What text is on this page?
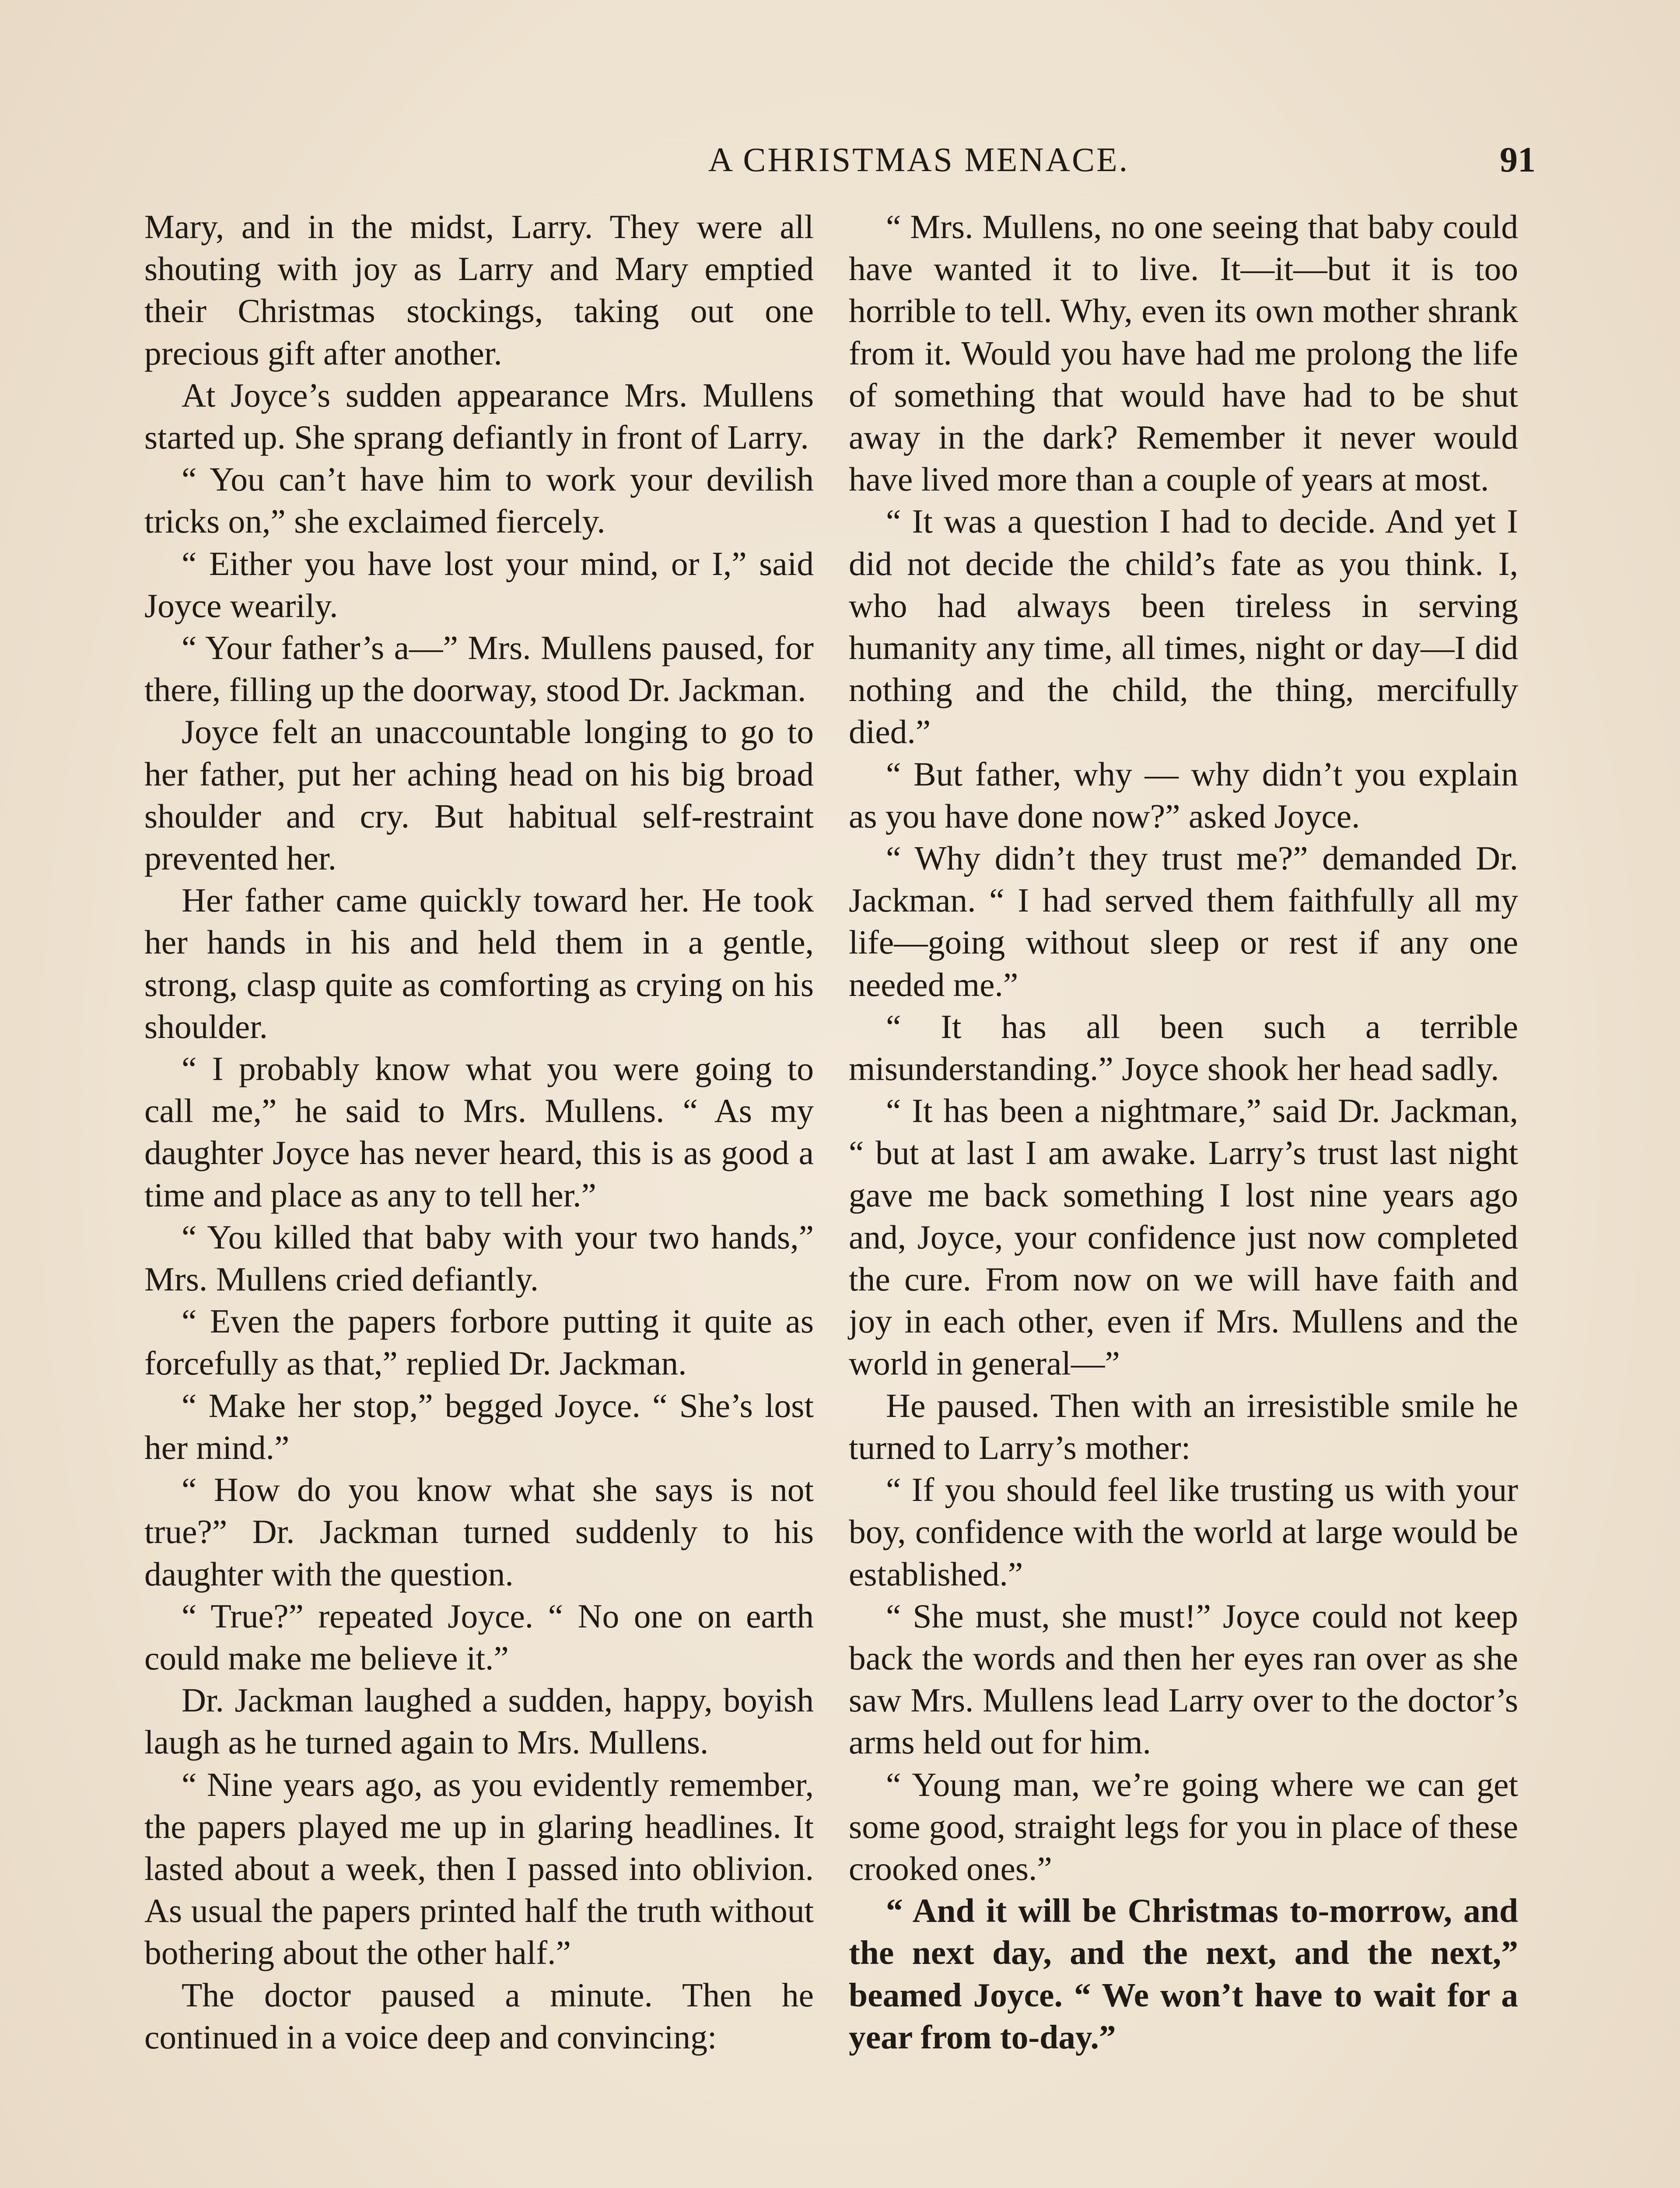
A CHRISTMAS MENACE.	91

Mary, and in the midst, Larry. They were all shouting with joy as Larry and Mary emptied their Christmas stockings, taking out one precious gift after another.

At Joyce’s sudden appearance Mrs. Mullens started up. She sprang defiantly in front of Larry.

“ You can’t have him to work your devilish tricks on,” she exclaimed fiercely.

“ Either you have lost your mind, or I,” said Joyce wearily.

“ Your father’s a—” Mrs. Mullens paused, for there, filling up the doorway, stood Dr. Jackman.

Joyce felt an unaccountable longing to go to her father, put her aching head on his big broad shoulder and cry. But habitual self-restraint prevented her.

Her father came quickly toward her. He took her hands in his and held them in a gentle, strong, clasp quite as comforting as crying on his shoulder.

“ I probably know what you were going to call me,” he said to Mrs. Mullens. “ As my daughter Joyce has never heard, this is as good a time and place as any to tell her.”

“ You killed that baby with your two hands,” Mrs. Mullens cried defiantly.

“ Even the papers forbore putting it quite as forcefully as that,” replied Dr. Jackman.

“ Make her stop,” begged Joyce. “ She’s lost her mind.”

“ How do you know what she says is not true?” Dr. Jackman turned suddenly to his daughter with the question.

“ True?” repeated Joyce. “ No one on earth could make me believe it.”

Dr. Jackman laughed a sudden, happy, boyish laugh as he turned again to Mrs. Mullens.

“ Nine years ago, as you evidently remember, the papers played me up in glaring headlines. It lasted about a week, then I passed into oblivion. As usual the papers printed half the truth without bothering about the other half.”

The doctor paused a minute. Then he continued in a voice deep and convincing:

“ Mrs. Mullens, no one seeing that baby could have wanted it to live. It—it—but it is too horrible to tell. Why, even its own mother shrank from it. Would you have had me prolong the life of something that would have had to be shut away in the dark? Remember it never would have lived more than a couple of years at most.

“ It was a question I had to decide. And yet I did not decide the child’s fate as you think. I, who had always been tireless in serving humanity any time, all times, night or day—I did nothing and the child, the thing, mercifully died.”

“ But father, why — why didn’t you explain as you have done now?” asked Joyce.

“ Why didn’t they trust me?” demanded Dr. Jackman. “ I had served them faithfully all my life—going without sleep or rest if any one needed me.”

“ It has all been such a terrible misunderstanding.” Joyce shook her head sadly.

“ It has been a nightmare,” said Dr. Jackman, “ but at last I am awake. Larry’s trust last night gave me back something I lost nine years ago and, Joyce, your confidence just now completed the cure. From now on we will have faith and joy in each other, even if Mrs. Mullens and the world in general—”

He paused. Then with an irresistible smile he turned to Larry’s mother:

“ If you should feel like trusting us with your boy, confidence with the world at large would be established.”

“ She must, she must!” Joyce could not keep back the words and then her eyes ran over as she saw Mrs. Mullens lead Larry over to the doctor’s arms held out for him.

“ Young man, we’re going where we can get some good, straight legs for you in place of these crooked ones.”

“ And it will be Christmas to-morrow, and the next day, and the next, and the next,” beamed Joyce. “ We won’t have to wait for a year from to-day.”
